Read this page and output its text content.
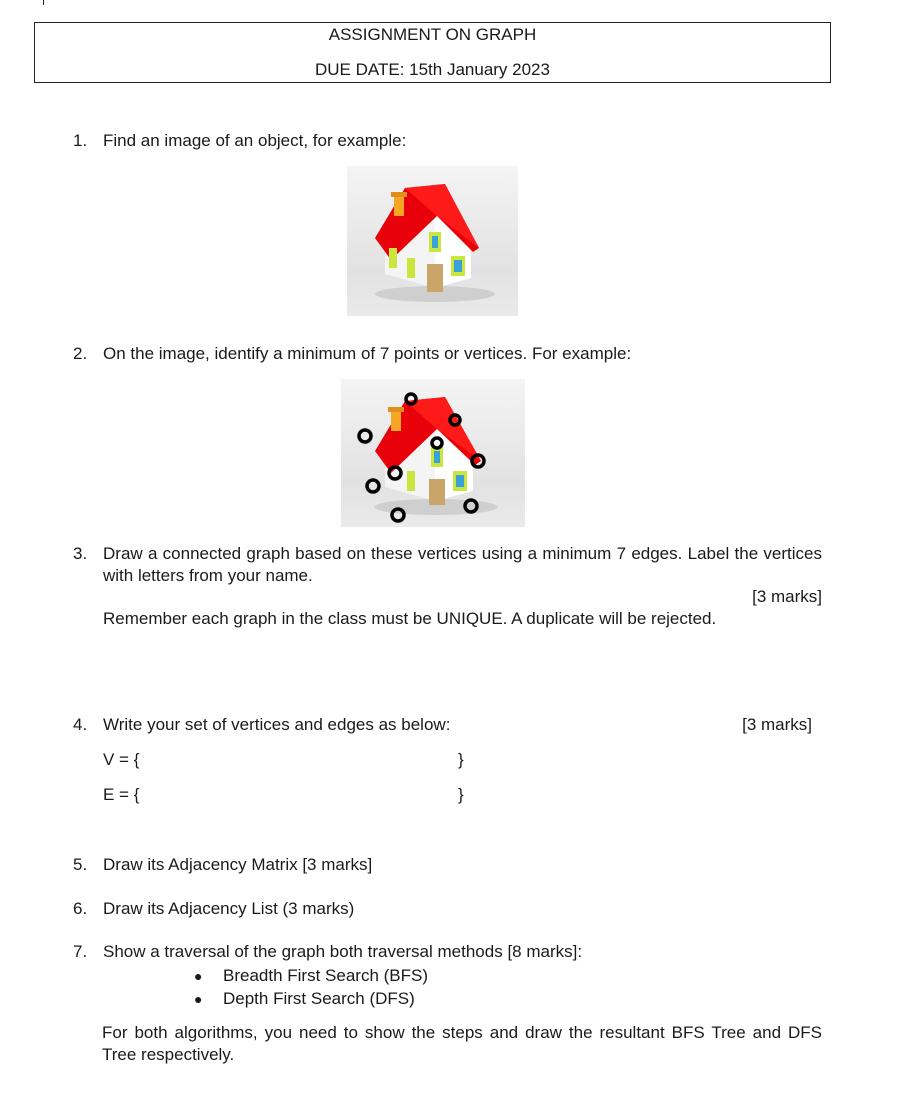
ASSIGNMENT ON GRAPH
DUE DATE: 15th January 2023
1. Find an image of an object, for example:
2. On the image, identify a minimum of 7 points or vertices. For example:
3. Draw a connected graph based on these vertices using a minimum 7 edges. Label the vertices with letters from your name.
[3 marks]
Remember each graph in the class must be UNIQUE. A duplicate will be rejected.
4. Write your set of vertices and edges as below:	[3 marks]
V = {	}
E = {	}
5. Draw its Adjacency Matrix [3 marks]
6. Draw its Adjacency List (3 marks)
7. Show a traversal of the graph both traversal methods [8 marks]:
● Breadth First Search (BFS)
● Depth First Search (DFS)
For both algorithms, you need to show the steps and draw the resultant BFS Tree and DFS Tree respectively.
